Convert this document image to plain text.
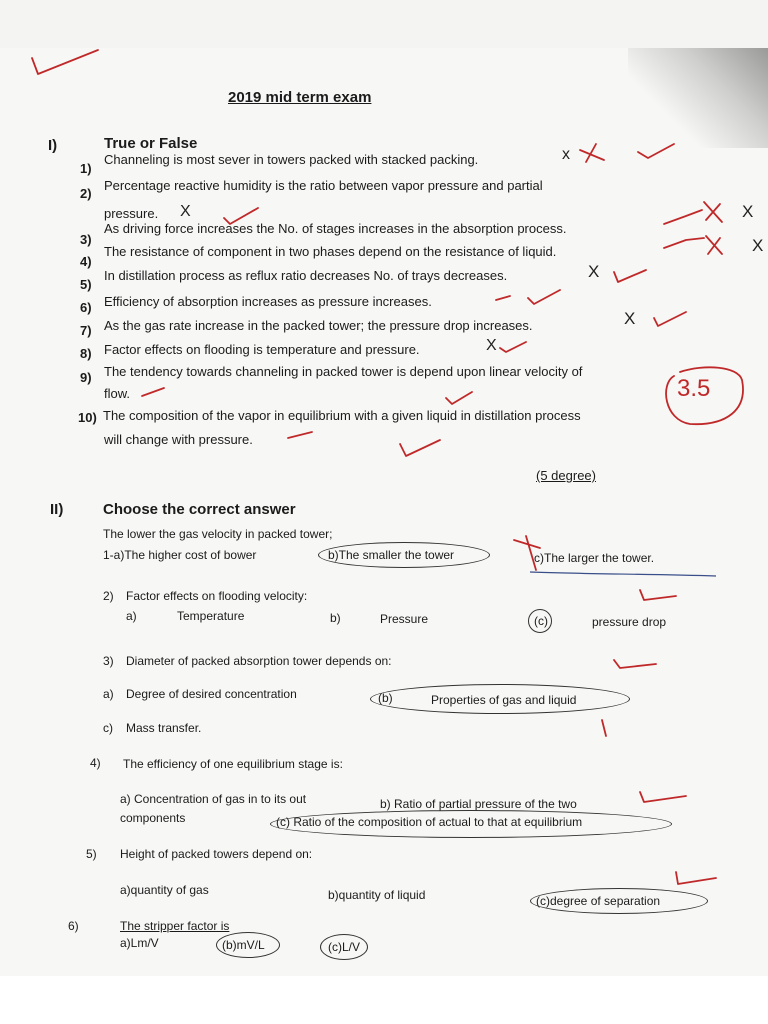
2019 mid term exam
I)	True or False
1)
Channeling is most sever in towers packed with stacked packing.
2)
Percentage reactive humidity is the ratio between vapor pressure and partial
pressure.
3)
As driving force increases the No. of stages increases in the absorption process.
4)
The resistance of component in two phases depend on the resistance of liquid.
5)
In distillation process as reflux ratio decreases No. of trays decreases.
6) Efficiency of absorption increases as pressure increases.
7) As the gas rate increase in the packed tower; the pressure drop increases.
8) Factor effects on flooding is temperature and pressure.
9) The tendency towards channeling in packed tower is depend upon linear velocity of
flow.
10) The composition of the vapor in equilibrium with a given liquid in distillation process
will change with pressure.
(5 degree)
II)	Choose the correct answer
The lower the gas velocity in packed tower;
1-a)The higher cost of bower	b)The smaller the tower	c)The larger the tower.
2) Factor effects on flooding velocity:
a)	Temperature	b)	Pressure	(c)	pressure drop
3) Diameter of packed absorption tower depends on:
a) Degree of desired concentration	(b)	Properties of gas and liquid
c) Mass transfer.
4) The efficiency of one equilibrium stage is:
a) Concentration of gas in to its out	b) Ratio of partial pressure of the two
components	(c) Ratio of the composition of actual to that at equilibrium
5) Height of packed towers depend on:
a)quantity of gas	b)quantity of liquid	(c)degree of separation
6)	The stripper factor is
a)Lm/V	(b)mV/L	(c)L/V
x
X	X
X
X
X
X
3.5
